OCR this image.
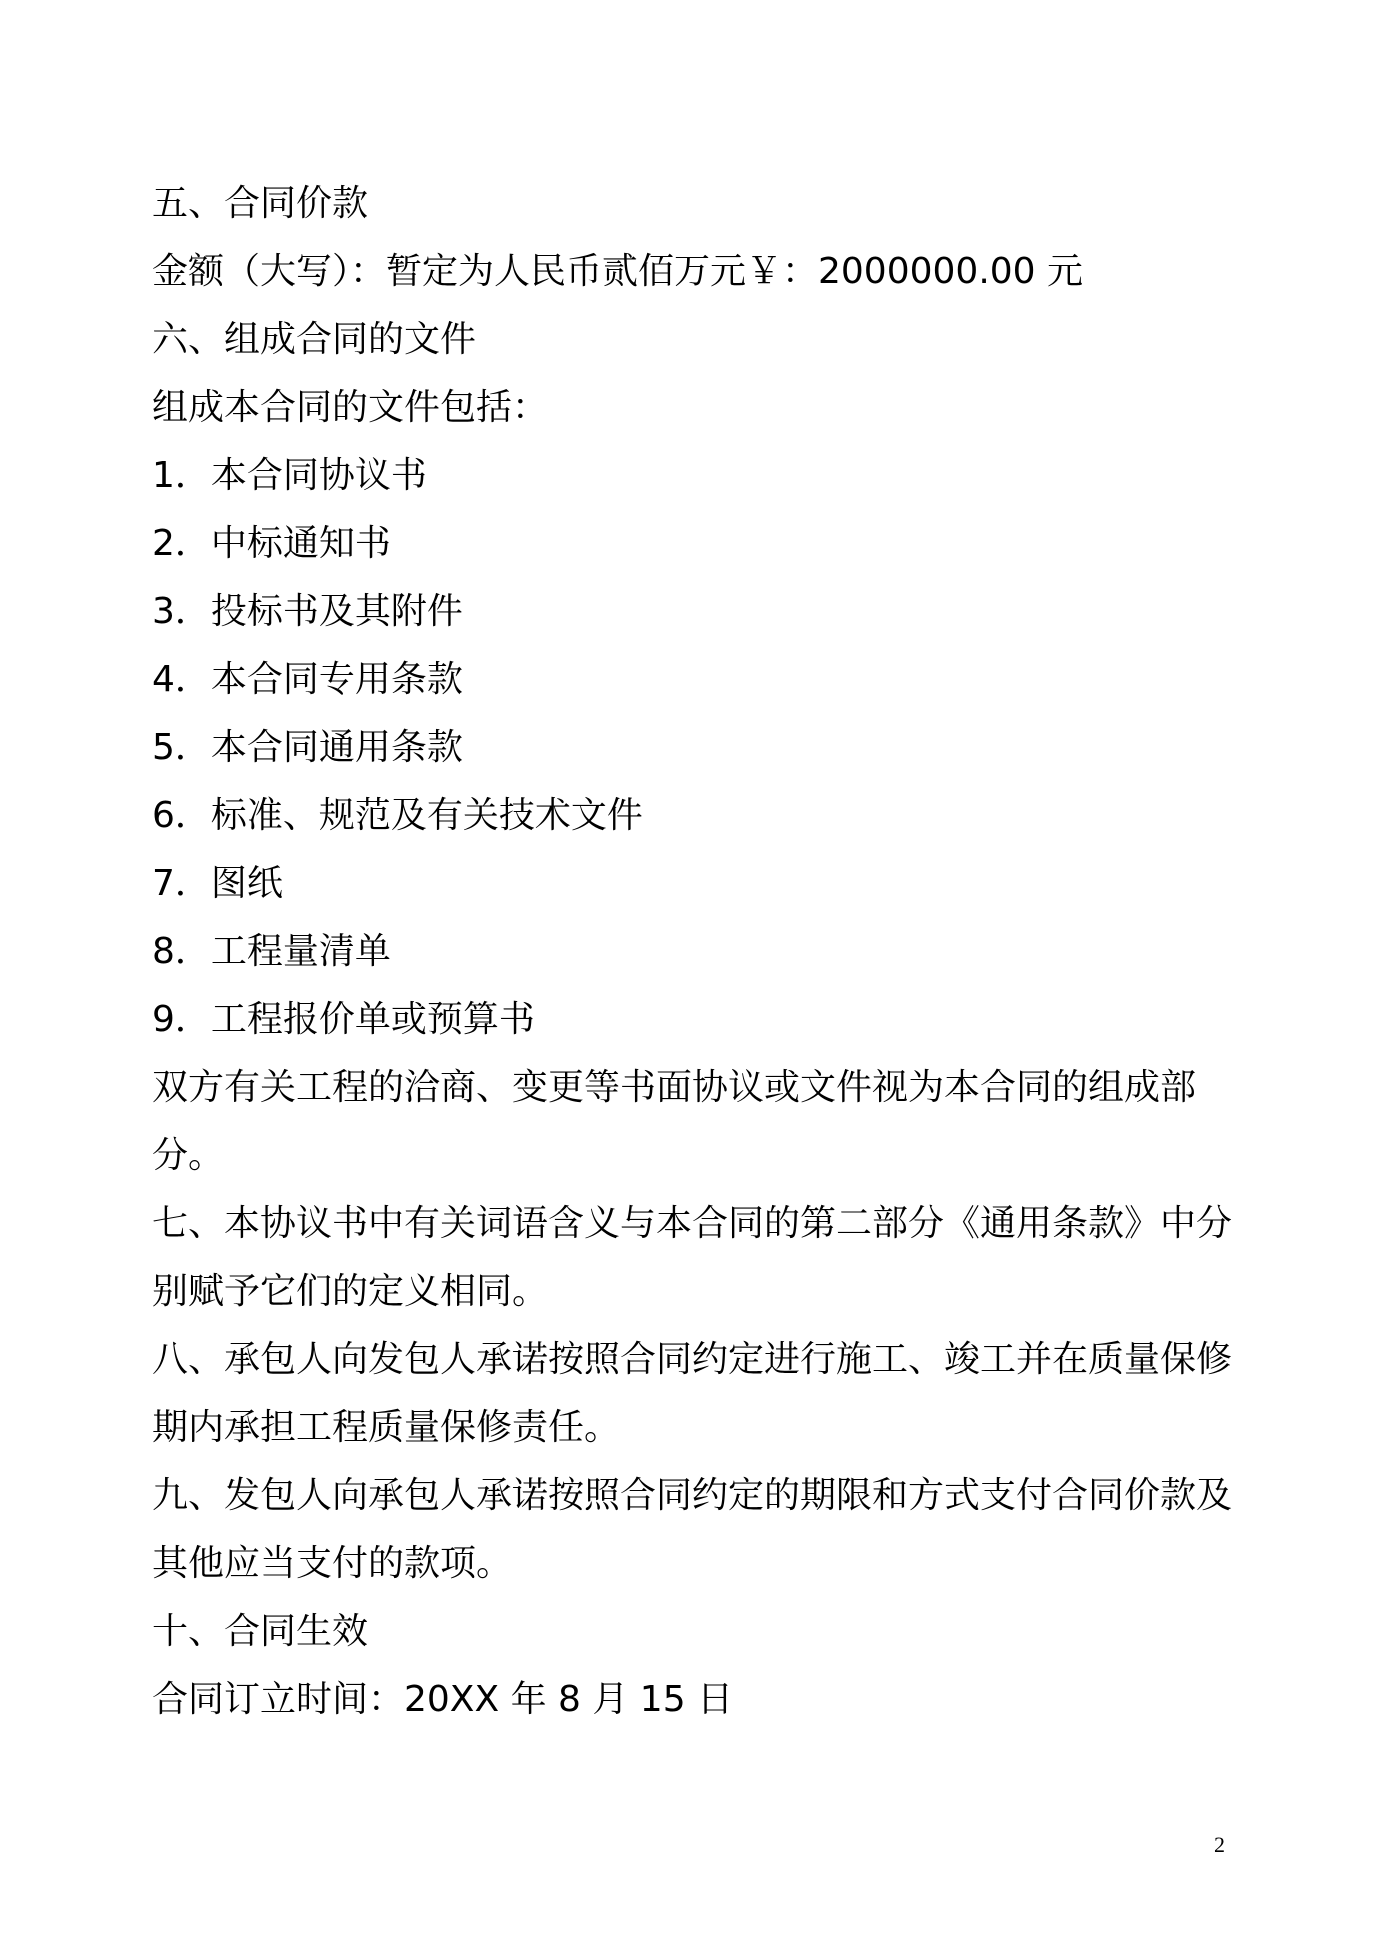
五、合同价款
金额（大写）：暂定为人民币贰佰万元￥：2000000.00 元
六、组成合同的文件
组成本合同的文件包括：
1．本合同协议书
2．中标通知书
3．投标书及其附件
4．本合同专用条款
5．本合同通用条款
6．标准、规范及有关技术文件
7．图纸
8．工程量清单
9．工程报价单或预算书
双方有关工程的洽商、变更等书面协议或文件视为本合同的组成部分。
七、本协议书中有关词语含义与本合同的第二部分《通用条款》中分别赋予它们的定义相同。
八、承包人向发包人承诺按照合同约定进行施工、竣工并在质量保修期内承担工程质量保修责任。
九、发包人向承包人承诺按照合同约定的期限和方式支付合同价款及其他应当支付的款项。
十、合同生效
合同订立时间：20XX 年 8 月 15 日
2
